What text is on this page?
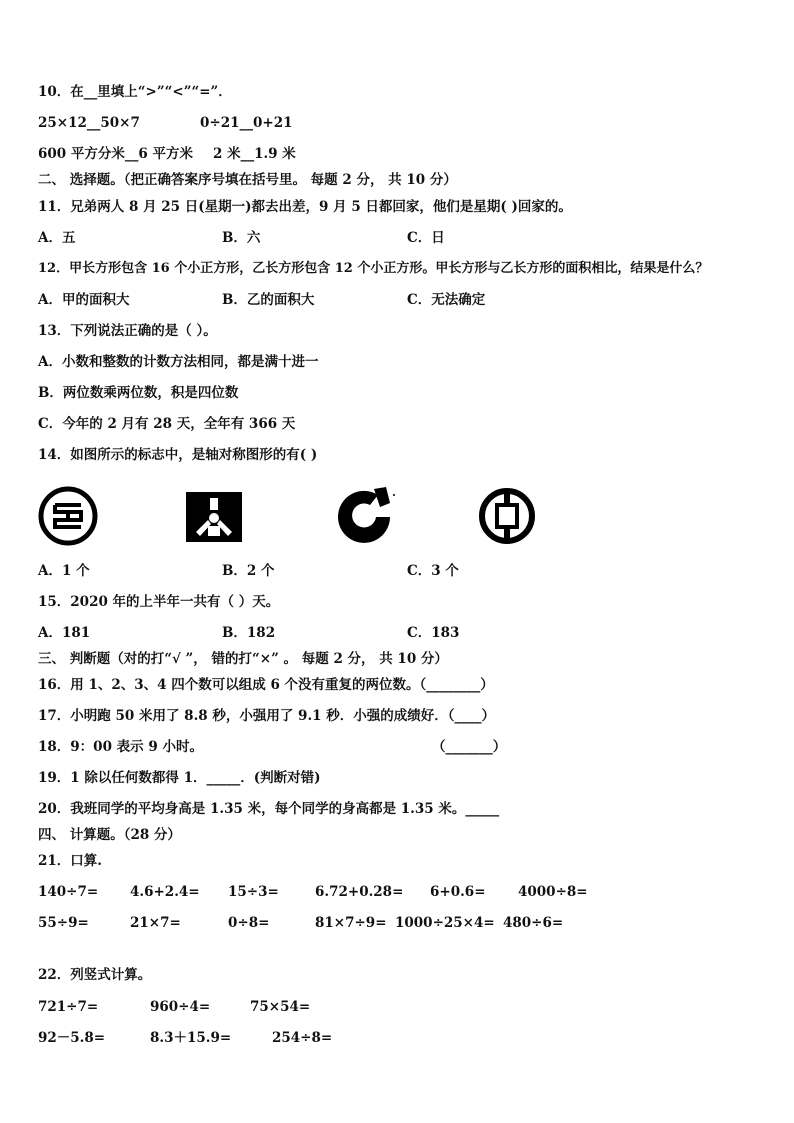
10．在__里填上“>”“<”“=”．
25×12__50×7	0÷21__0+21
600 平方分米__6 平方米 2 米__1.9 米
二、 选择题。（把正确答案序号填在括号里。 每题 2 分， 共 10 分）
11．兄弟两人 8 月 25 日(星期一)都去出差，9 月 5 日都回家，他们是星期( )回家的。
A．五	B．六	C．日
12．甲长方形包含 16 个小正方形，乙长方形包含 12 个小正方形。甲长方形与乙长方形的面积相比，结果是什么？
A．甲的面积大	B．乙的面积大	C．无法确定
13．下列说法正确的是（ ）。
A．小数和整数的计数方法相同，都是满十进一
B．两位数乘两位数，积是四位数
C．今年的 2 月有 28 天，全年有 366 天
14．如图所示的标志中，是轴对称图形的有( )
A．1 个	B．2 个	C．3 个
15．2020 年的上半年一共有（ ）天。
A．181	B．182	C．183
三、 判断题（对的打“√ ”， 错的打“×” 。 每题 2 分， 共 10 分）
16．用 1、2、3、4 四个数可以组成 6 个没有重复的两位数。（________）
17．小明跑 50 米用了 8.8 秒，小强用了 9.1 秒．小强的成绩好．（____）
18．9：00 表示 9 小时。	（_______）
19．1 除以任何数都得 1．_____．(判断对错)
20．我班同学的平均身高是 1.35 米，每个同学的身高都是 1.35 米。_____
四、 计算题。（28 分）
21．口算.
140÷7= 4.6+2.4= 15÷3=	6.72+0.28= 6+0.6= 4000÷8=
55÷9=	21×7=	0÷8=	81×7÷9= 1000÷25×4= 480÷6=
22．列竖式计算。
721÷7=	960÷4=	75×54=
92－5.8=	8.3＋15.9=	254÷8=
